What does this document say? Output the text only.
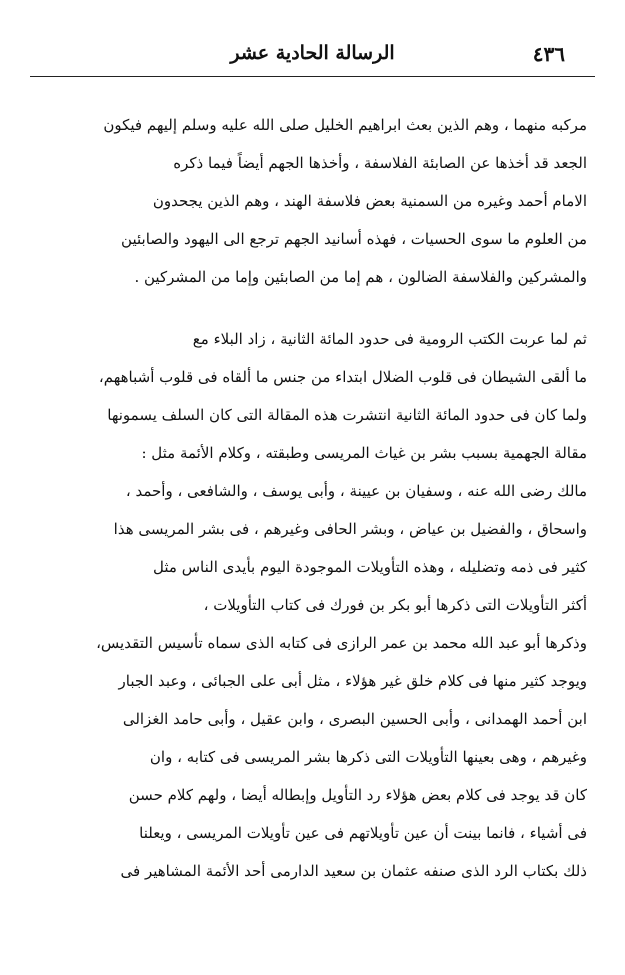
الرسالة الحادية عشر	٤٣٦
مركبه منهما ، وهم الذين بعث ابراهيم الخليل صلى الله عليه وسلم إليهم فيكون
الجعد قد أخذها عن الصابئة الفلاسفة ، وأخذها الجهم أيضاً فيما ذكره
الامام أحمد وغيره من السمنية بعض فلاسفة الهند ، وهم الذين يجحدون
من العلوم ما سوى الحسيات ، فهذه أسانيد الجهم ترجع الى اليهود والصابئين
والمشركين والفلاسفة الضالون ، هم إما من الصابئين وإما من المشركين .
ثم لما عربت الكتب الرومية فى حدود المائة الثانية ، زاد البلاء مع
ما ألقى الشيطان فى قلوب الضلال ابتداء من جنس ما ألقاه فى قلوب أشباههم،
ولما كان فى حدود المائة الثانية انتشرت هذه المقالة التى كان السلف يسمونها
مقالة الجهمية بسبب بشر بن غياث المريسى وطبقته ، وكلام الأئمة مثل :
مالك رضى الله عنه ، وسفيان بن عيينة ، وأبى يوسف ، والشافعى ، وأحمد ،
واسحاق ، والفضيل بن عياض ، وبشر الحافى وغيرهم ، فى بشر المريسى هذا
كثير فى ذمه وتضليله ، وهذه التأويلات الموجودة اليوم بأيدى الناس مثل
أكثر التأويلات التى ذكرها أبو بكر بن فورك فى كتاب التأويلات ،
وذكرها أبو عبد الله محمد بن عمر الرازى فى كتابه الذى سماه تأسيس التقديس،
ويوجد كثير منها فى كلام خلق غير هؤلاء ، مثل أبى على الجبائى ، وعبد الجبار
ابن أحمد الهمدانى ، وأبى الحسين البصرى ، وابن عقيل ، وأبى حامد الغزالى
وغيرهم ، وهى بعينها التأويلات التى ذكرها بشر المريسى فى كتابه ، وان
كان قد يوجد فى كلام بعض هؤلاء رد التأويل وإبطاله أيضا ، ولهم كلام حسن
فى أشياء ، فانما بينت أن عين تأويلاتهم فى عين تأويلات المريسى ، ويعلنا
ذلك بكتاب الرد الذى صنفه عثمان بن سعيد الدارمى أحد الأئمة المشاهير فى
